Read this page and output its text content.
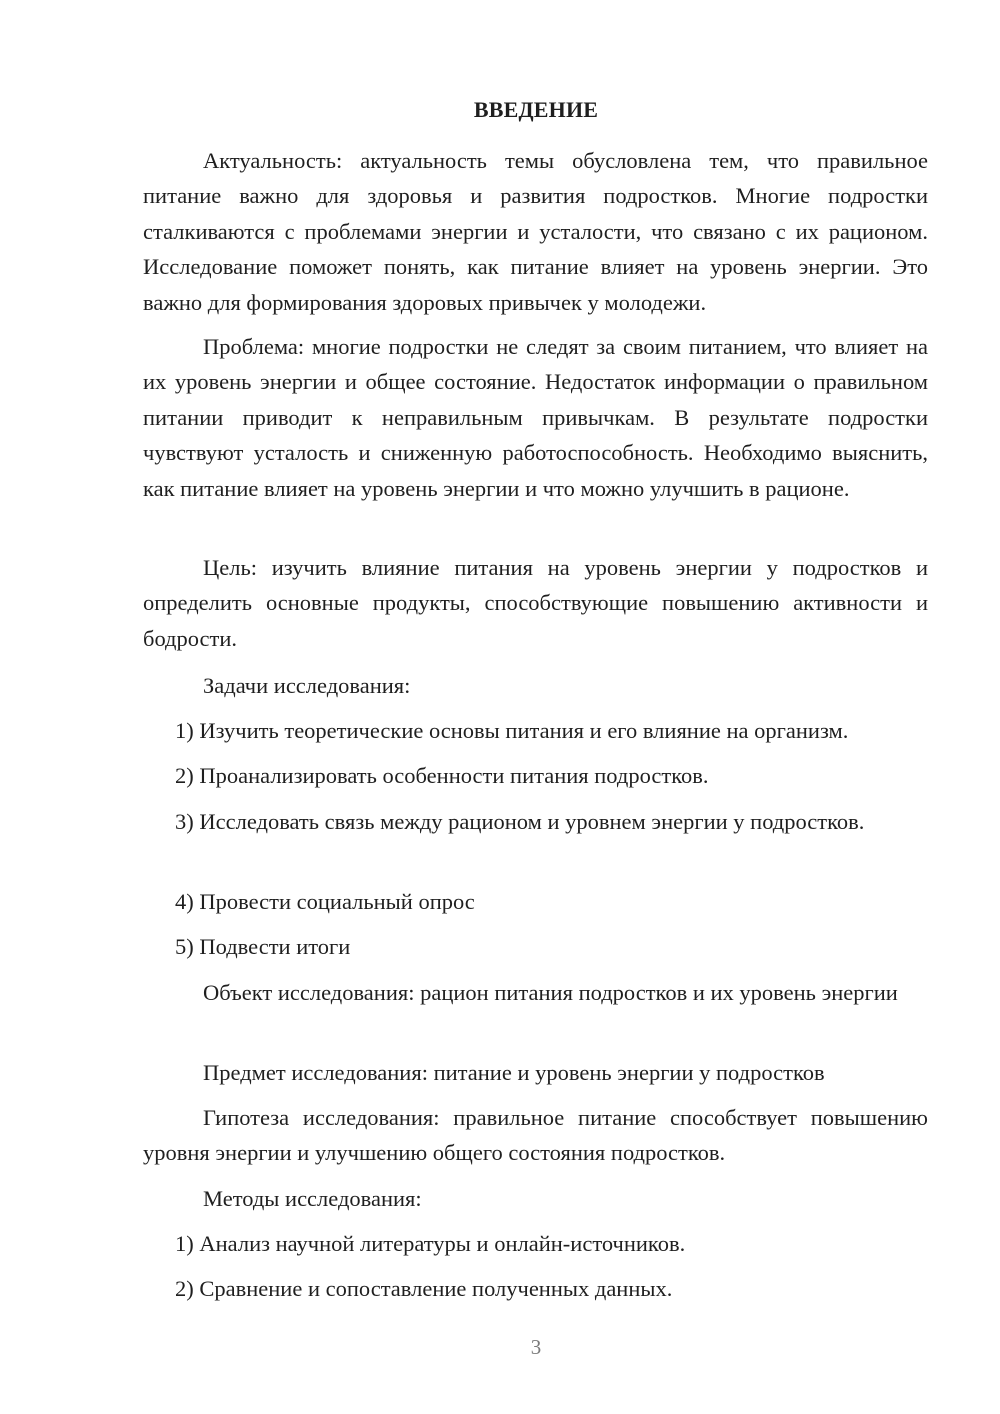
ВВЕДЕНИЕ

Актуальность: актуальность темы обусловлена тем, что правильное питание важно для здоровья и развития подростков. Многие подростки сталкиваются с проблемами энергии и усталости, что связано с их рационом. Исследование поможет понять, как питание влияет на уровень энергии. Это важно для формирования здоровых привычек у молодежи.

Проблема: многие подростки не следят за своим питанием, что влияет на их уровень энергии и общее состояние. Недостаток информации о правильном питании приводит к неправильным привычкам. В результате подростки чувствуют усталость и сниженную работоспособность. Необходимо выяснить, как питание влияет на уровень энергии и что можно улучшить в рационе.

Цель: изучить влияние питания на уровень энергии у подростков и определить основные продукты, способствующие повышению активности и бодрости.

Задачи исследования:

1) Изучить теоретические основы питания и его влияние на организм.

2) Проанализировать особенности питания подростков.

3) Исследовать связь между рационом и уровнем энергии у подростков.

4) Провести социальный опрос

5) Подвести итоги

Объект исследования: рацион питания подростков и их уровень энергии

Предмет исследования: питание и уровень энергии у подростков

Гипотеза исследования: правильное питание способствует повышению уровня энергии и улучшению общего состояния подростков.

Методы исследования:

1) Анализ научной литературы и онлайн-источников.

2) Сравнение и сопоставление полученных данных.

3
